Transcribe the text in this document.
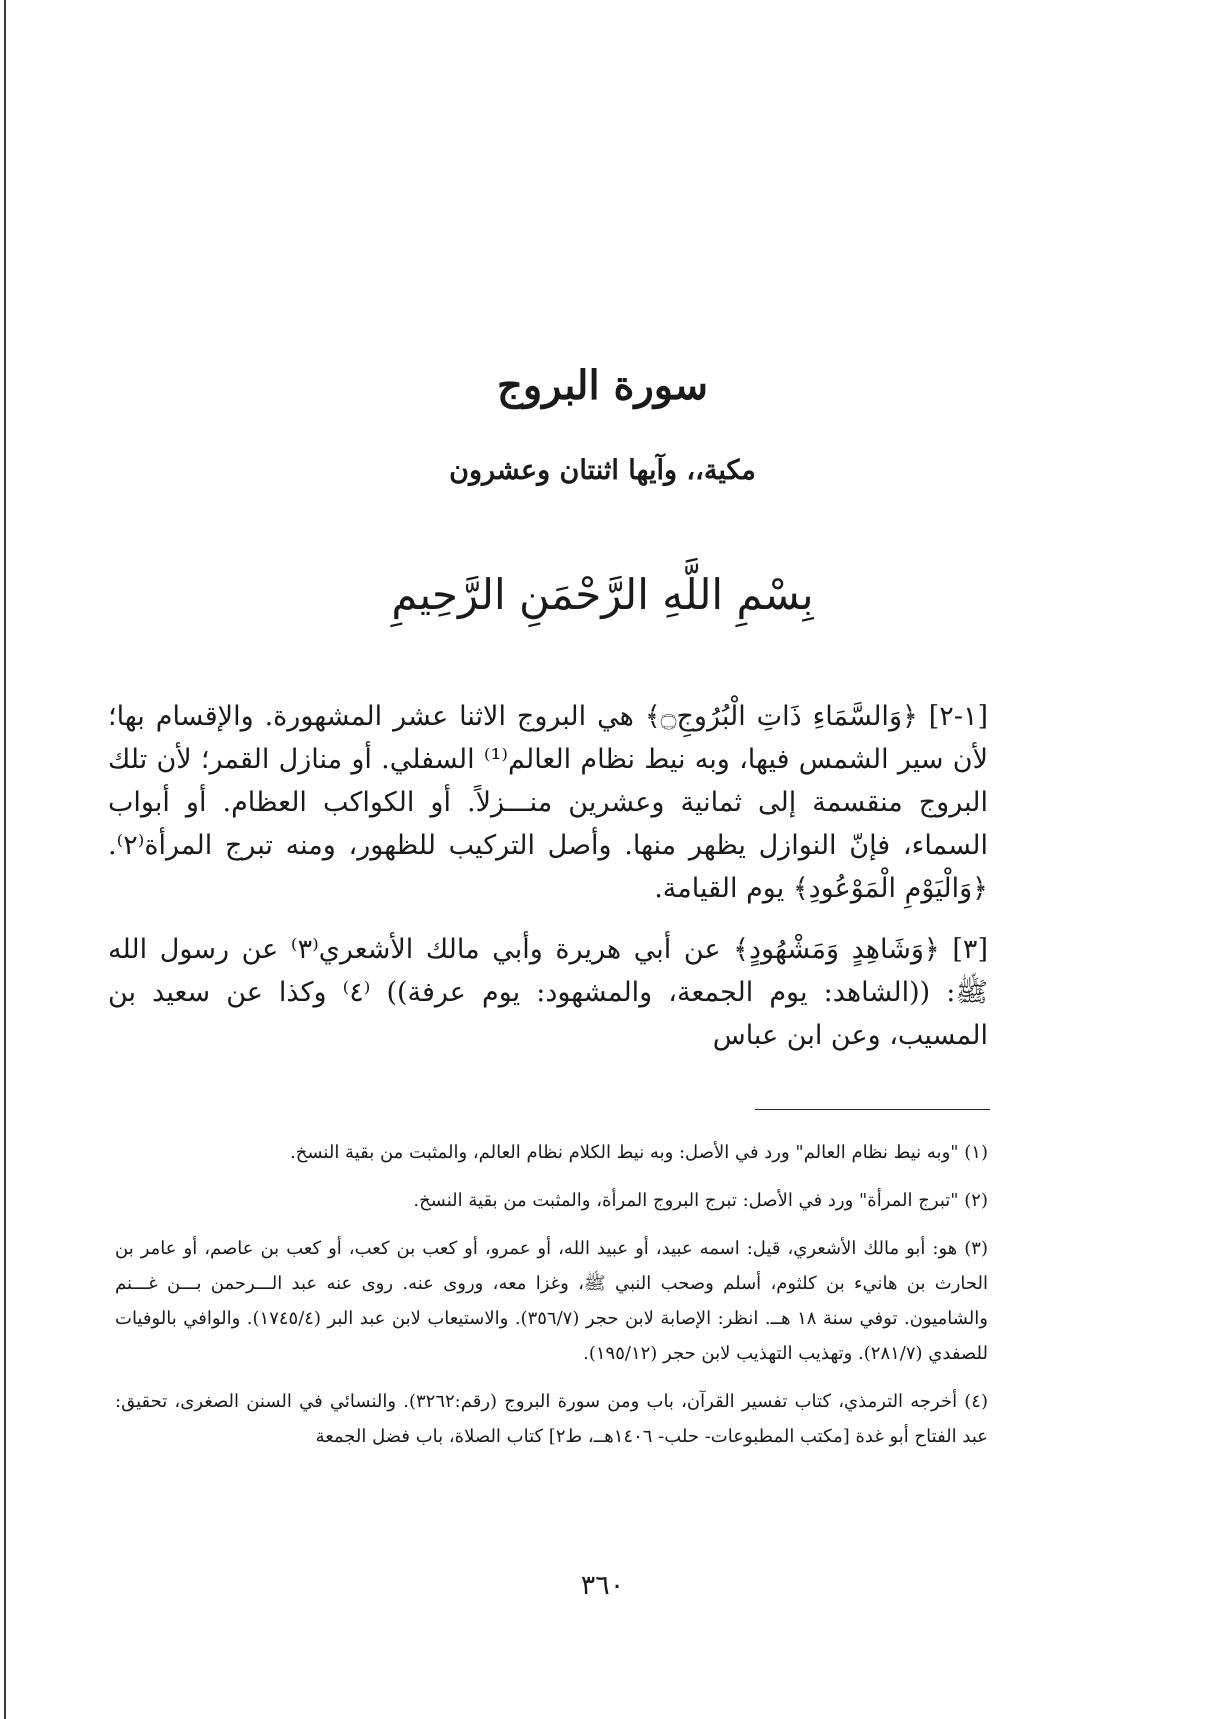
سورة البروج
مكية،، وآيها اثنتان وعشرون
بِسْمِ اللَّهِ الرَّحْمَنِ الرَّحِيمِ

[١-٢] ﴿وَالسَّمَاءِ ذَاتِ الْبُرُوجِ۝﴾ هي البروج الاثنا عشر المشهورة. والإقسام بها؛ لأن سير الشمس فيها، وبه نيط نظام العالم⁽¹⁾ السفلي. أو منازل القمر؛ لأن تلك البروج منقسمة إلى ثمانية وعشرين منـــزلاً. أو الكواكب العظام. أو أبواب السماء، فإنّ النوازل يظهر منها. وأصل التركيب للظهور، ومنه تبرج المرأة⁽٢⁾. ﴿وَالْيَوْمِ الْمَوْعُودِ﴾ يوم القيامة.

[٣] ﴿وَشَاهِدٍ وَمَشْهُودٍ﴾ عن أبي هريرة وأبي مالك الأشعري⁽٣⁾ عن رسول الله ﷺ: ((الشاهد: يوم الجمعة، والمشهود: يوم عرفة)) ⁽٤⁾ وكذا عن سعيد بن المسيب، وعن ابن عباس

(١) "وبه نيط نظام العالم" ورد في الأصل: وبه نيط الكلام نظام العالم، والمثبت من بقية النسخ.

(٢) "تبرج المرأة" ورد في الأصل: تبرج البروج المرأة، والمثبت من بقية النسخ.

(٣) هو: أبو مالك الأشعري، قيل: اسمه عبيد، أو عبيد الله، أو عمرو، أو كعب بن كعب، أو كعب بن عاصم، أو عامر بن الحارث بن هانيء بن كلثوم، أسلم وصحب النبي ﷺ، وغزا معه، وروى عنه. روى عنه عبد الـــرحمن بـــن غـــنم والشاميون. توفي سنة ١٨ هــ. انظر: الإصابة لابن حجر (٣٥٦/٧). والاستيعاب لابن عبد البر (١٧٤٥/٤). والوافي بالوفيات للصفدي (٢٨١/٧). وتهذيب التهذيب لابن حجر (١٩٥/١٢).

(٤) أخرجه الترمذي، كتاب تفسير القرآن، باب ومن سورة البروج (رقم:٣٢٦٢). والنسائي في السنن الصغرى، تحقيق: عبد الفتاح أبو غدة [مكتب المطبوعات- حلب- ١٤٠٦هــ، ط٢] كتاب الصلاة، باب فضل الجمعة

٣٦٠
